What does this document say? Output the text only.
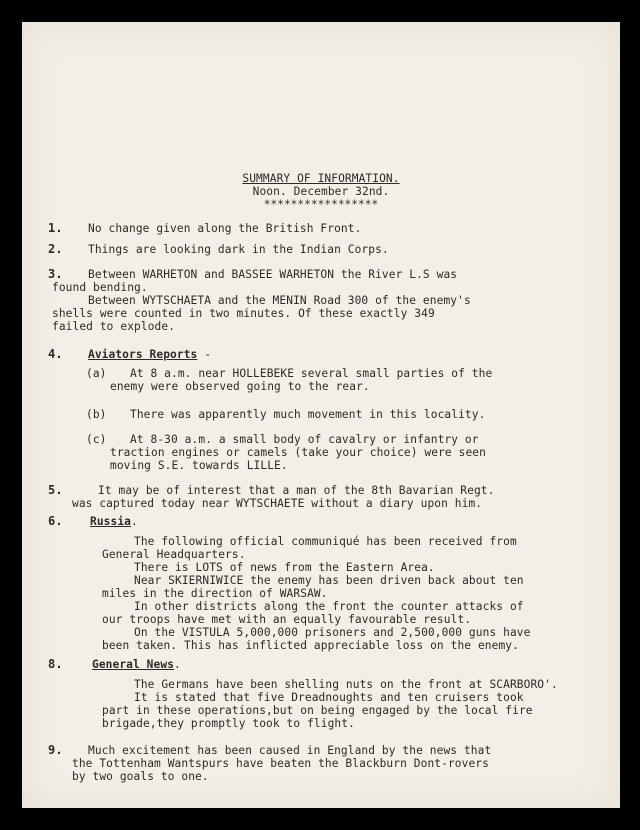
SUMMARY OF INFORMATION.
Noon. December 32nd.
*****************
1. No change given along the British Front.
2. Things are looking dark in the Indian Corps.
3. Between WARHETON and BASSEE WARHETON the River L.S was
found bending.
Between WYTSCHAETA and the MENIN Road 300 of the enemy's
shells were counted in two minutes. Of these exactly 349
failed to explode.
4. Aviators Reports -
(a)	At 8 a.m. near HOLLEBEKE several small parties of the
enemy were observed going to the rear.
(b)	There was apparently much movement in this locality.
(c)	At 8-30 a.m. a small body of cavalry or infantry or
traction engines or camels (take your choice) were seen
moving S.E. towards LILLE.
5.	It may be of interest that a man of the 8th Bavarian Regt.
was captured today near WYTSCHAETE without a diary upon him.
6. Russia.
The following official communiqué has been received from
General Headquarters.
There is LOTS of news from the Eastern Area.
Near SKIERNIWICE the enemy has been driven back about ten
miles in the direction of WARSAW.
In other districts along the front the counter attacks of
our troops have met with an equally favourable result.
On the VISTULA 5,000,000 prisoners and 2,500,000 guns have
been taken. This has inflicted appreciable loss on the enemy.
8.	General News.
The Germans have been shelling nuts on the front at SCARBORO'.
It is stated that five Dreadnoughts and ten cruisers took
part in these operations,but on being engaged by the local fire
brigade,they promptly took to flight.
9. Much excitement has been caused in England by the news that
the Tottenham Wantspurs have beaten the Blackburn Dont-rovers
by two goals to one.
